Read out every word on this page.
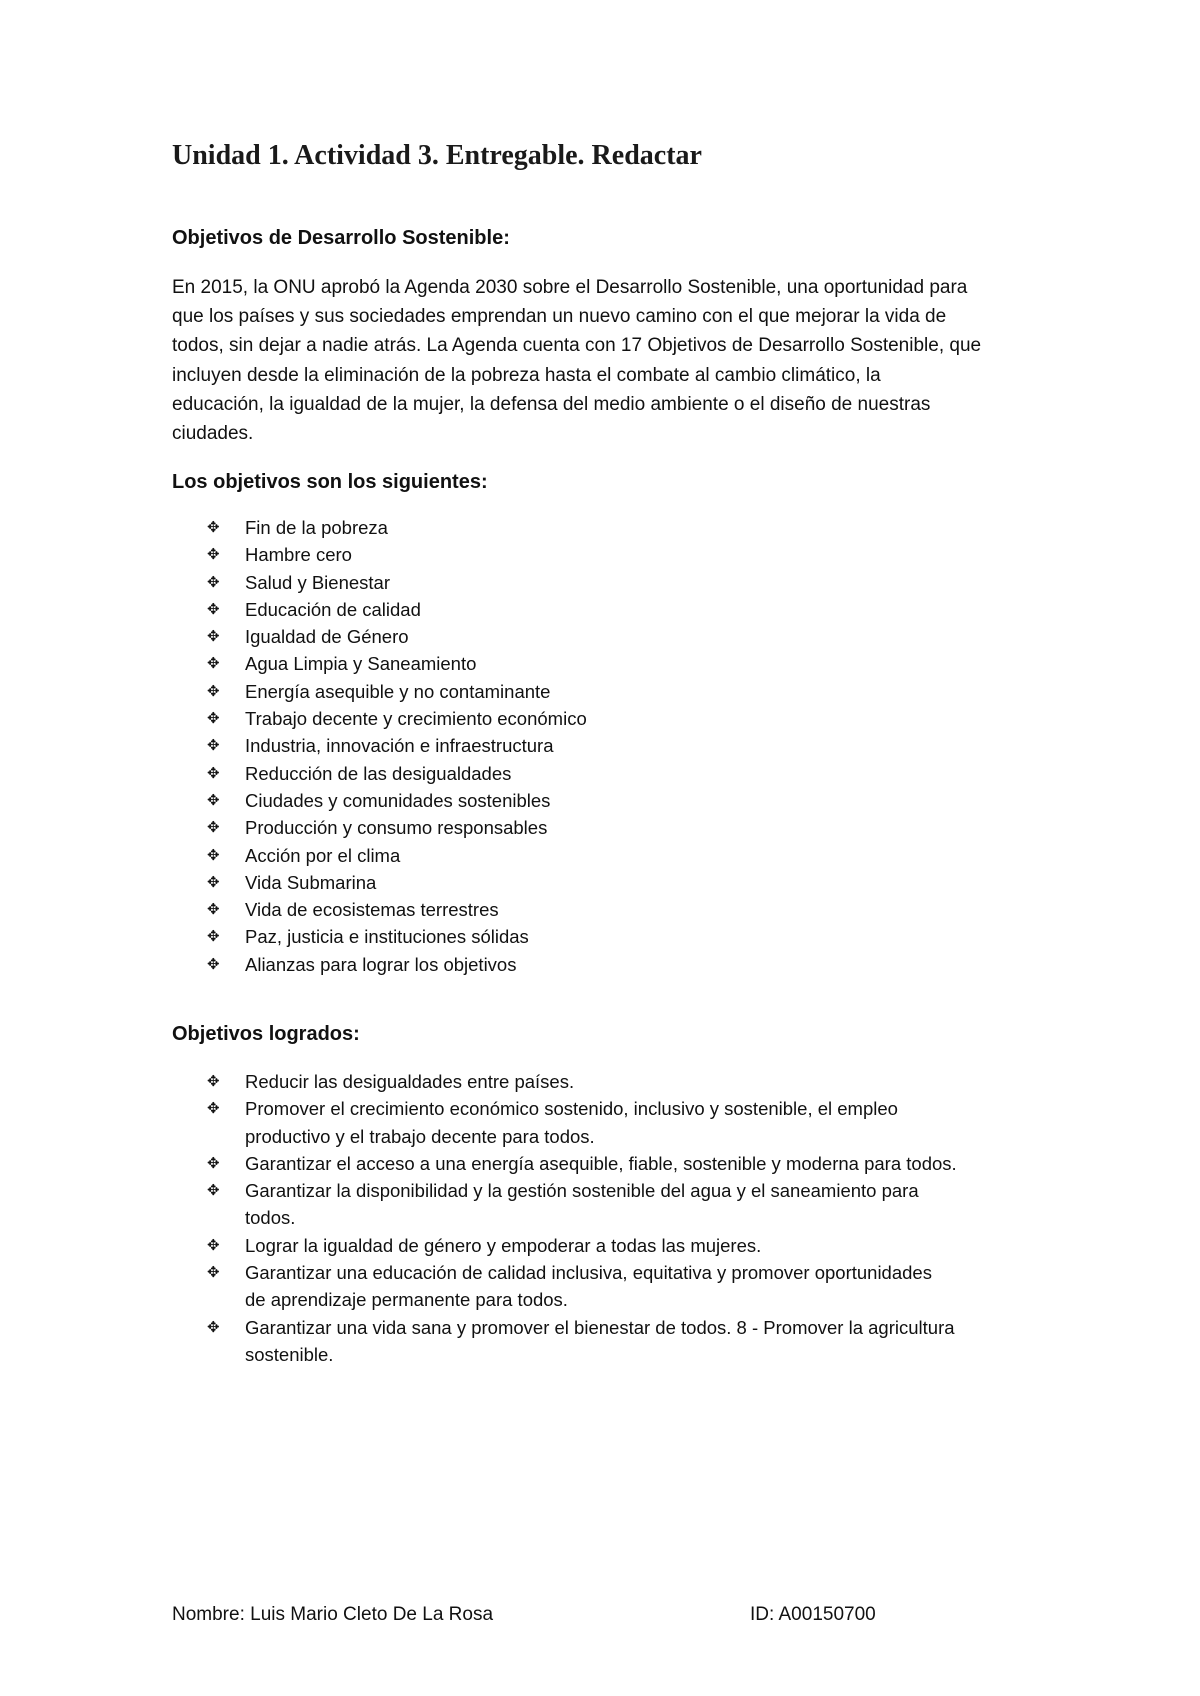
Unidad 1. Actividad 3. Entregable. Redactar
Objetivos de Desarrollo Sostenible:

En 2015, la ONU aprobó la Agenda 2030 sobre el Desarrollo Sostenible, una oportunidad para
que los países y sus sociedades emprendan un nuevo camino con el que mejorar la vida de
todos, sin dejar a nadie atrás. La Agenda cuenta con 17 Objetivos de Desarrollo Sostenible, que
incluyen desde la eliminación de la pobreza hasta el combate al cambio climático, la
educación, la igualdad de la mujer, la defensa del medio ambiente o el diseño de nuestras
ciudades.

Los objetivos son los siguientes:
✥ Fin de la pobreza
✥ Hambre cero
✥ Salud y Bienestar
✥ Educación de calidad
✥ Igualdad de Género
✥ Agua Limpia y Saneamiento
✥ Energía asequible y no contaminante
✥ Trabajo decente y crecimiento económico
✥ Industria, innovación e infraestructura
✥ Reducción de las desigualdades
✥ Ciudades y comunidades sostenibles
✥ Producción y consumo responsables
✥ Acción por el clima
✥ Vida Submarina
✥ Vida de ecosistemas terrestres
✥ Paz, justicia e instituciones sólidas
✥ Alianzas para lograr los objetivos
Objetivos logrados:
✥ Reducir las desigualdades entre países.
✥ Promover el crecimiento económico sostenido, inclusivo y sostenible, el empleo
productivo y el trabajo decente para todos.
✥ Garantizar el acceso a una energía asequible, fiable, sostenible y moderna para todos.
✥ Garantizar la disponibilidad y la gestión sostenible del agua y el saneamiento para
todos.
✥ Lograr la igualdad de género y empoderar a todas las mujeres.
✥ Garantizar una educación de calidad inclusiva, equitativa y promover oportunidades
de aprendizaje permanente para todos.
✥ Garantizar una vida sana y promover el bienestar de todos. 8 - Promover la agricultura
sostenible.
Nombre: Luis Mario Cleto De La Rosa	ID: A00150700
